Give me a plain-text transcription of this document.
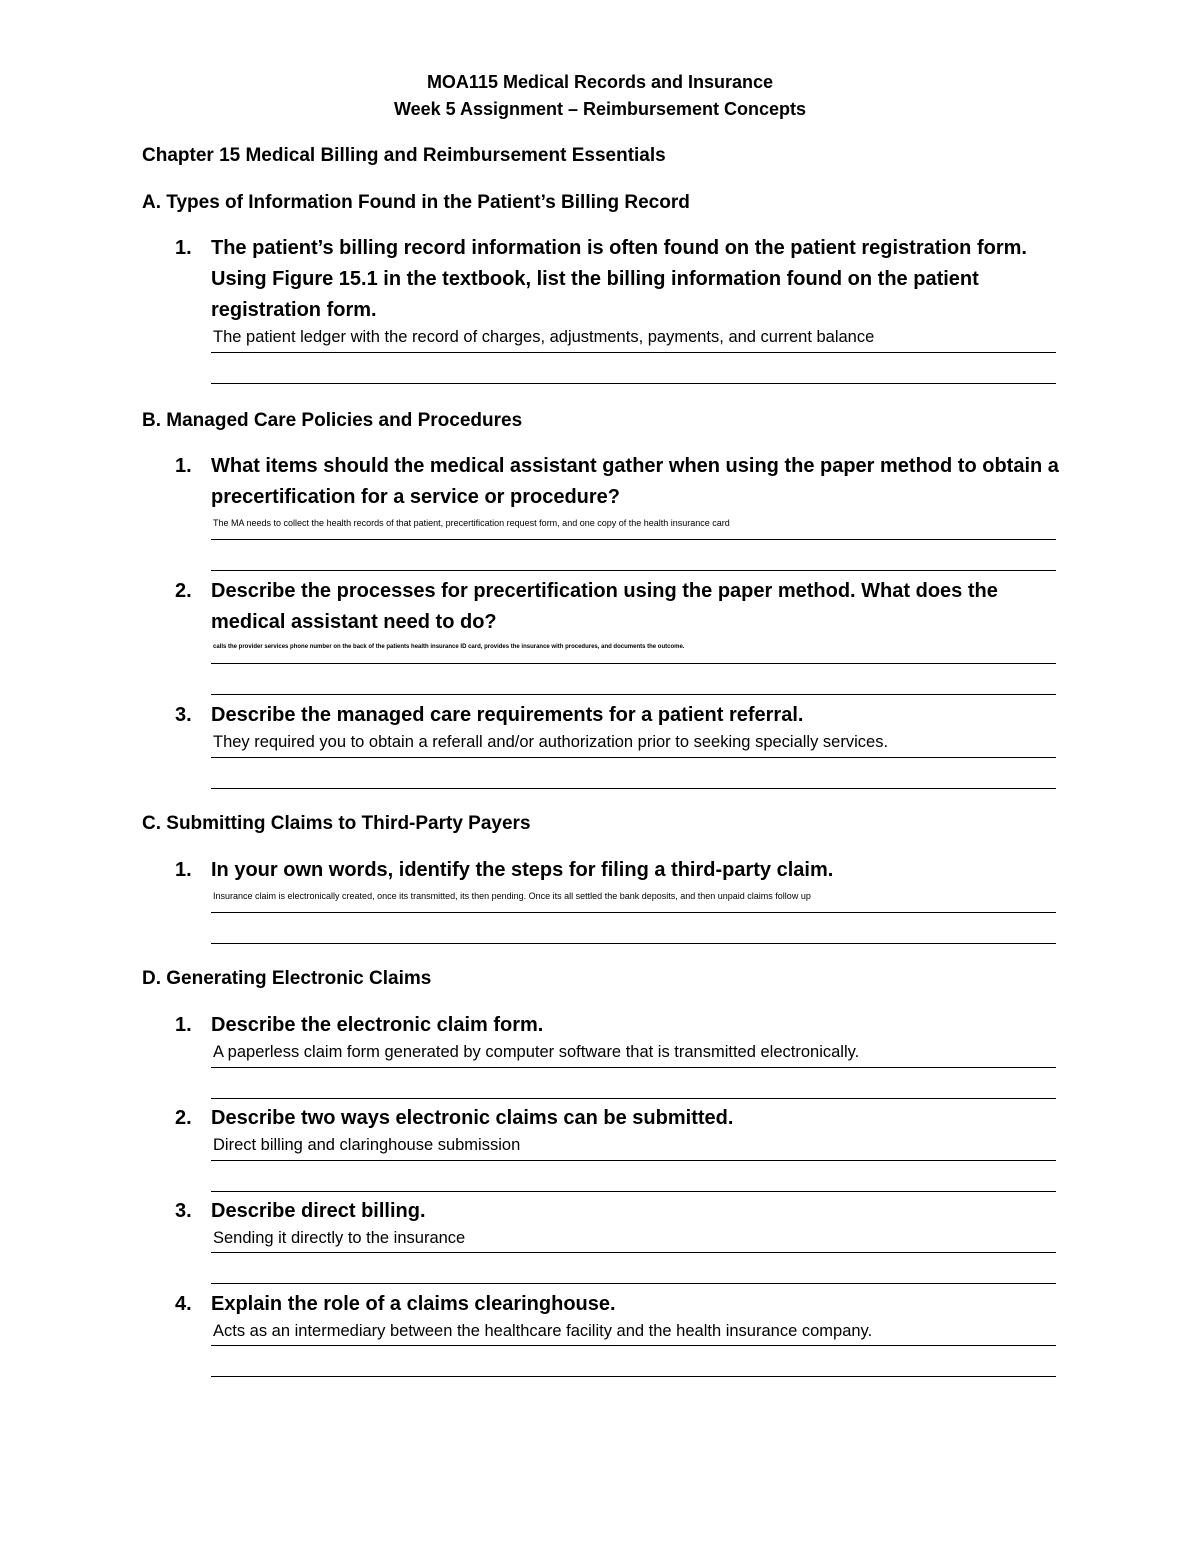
MOA115 Medical Records and Insurance
Week 5 Assignment – Reimbursement Concepts
Chapter 15 Medical Billing and Reimbursement Essentials
A. Types of Information Found in the Patient’s Billing Record
1. The patient’s billing record information is often found on the patient registration form. Using Figure 15.1 in the textbook, list the billing information found on the patient registration form.
The patient ledger with the record of charges, adjustments, payments, and current balance
B. Managed Care Policies and Procedures
1. What items should the medical assistant gather when using the paper method to obtain a precertification for a service or procedure?
The MA needs to collect the health records of that patient, precertification request form, and one copy of the health insurance card
2. Describe the processes for precertification using the paper method. What does the medical assistant need to do?
calls the provider services phone number on the back of the patients health insurance ID card, provides the insurance with procedures, and documents the outcome.
3. Describe the managed care requirements for a patient referral.
They required you to obtain a referall and/or authorization prior to seeking specially services.
C. Submitting Claims to Third-Party Payers
1. In your own words, identify the steps for filing a third-party claim.
Insurance claim is electronically created, once its transmitted, its then pending. Once its all settled the bank deposits, and then unpaid claims follow up
D. Generating Electronic Claims
1. Describe the electronic claim form.
A paperless claim form generated by computer software that is transmitted electronically.
2. Describe two ways electronic claims can be submitted.
Direct billing and claringhouse submission
3. Describe direct billing.
Sending it directly to the insurance
4. Explain the role of a claims clearinghouse.
Acts as an intermediary between the healthcare facility and the health insurance company.
